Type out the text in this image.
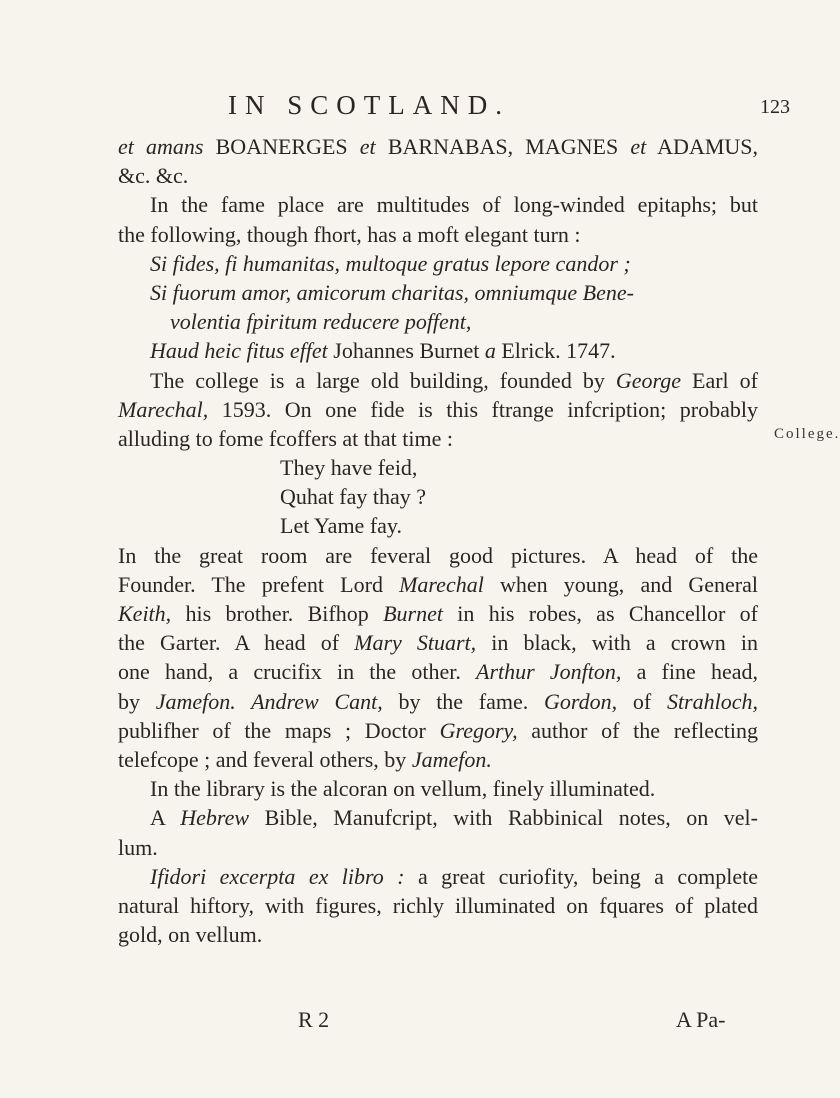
IN SCOTLAND.	123
et amans BOANERGES et BARNABAS, MAGNES et ADAMUS,
&c. &c.
In the fame place are multitudes of long-winded epitaphs; but
the following, though fhort, has a moft elegant turn :
Si fides, fi humanitas, multoque gratus lepore candor ;
Si fuorum amor, amicorum charitas, omniumque Bene-
volentia fpiritum reducere poffent,
Haud heic fitus effet Johannes Burnet a Elrick. 1747.
The college is a large old building, founded by George Earl of
Marechal, 1593. On one fide is this ftrange infcription; probably
alluding to fome fcoffers at that time :
They have feid,
Quhat fay thay ?
Let Yame fay.
In the great room are feveral good pictures. A head of the
Founder. The prefent Lord Marechal when young, and General
Keith, his brother. Bifhop Burnet in his robes, as Chancellor of
the Garter. A head of Mary Stuart, in black, with a crown in
one hand, a crucifix in the other. Arthur Jonfton, a fine head,
by Jamefon. Andrew Cant, by the fame. Gordon, of Strahloch,
publifher of the maps ; Doctor Gregory, author of the reflecting
telefcope ; and feveral others, by Jamefon.
In the library is the alcoran on vellum, finely illuminated.
A Hebrew Bible, Manufcript, with Rabbinical notes, on vel-
lum.
Ifidori excerpta ex libro : a great curiofity, being a complete
natural hiftory, with figures, richly illuminated on fquares of plated
gold, on vellum.
College.
R 2	A Pa-
